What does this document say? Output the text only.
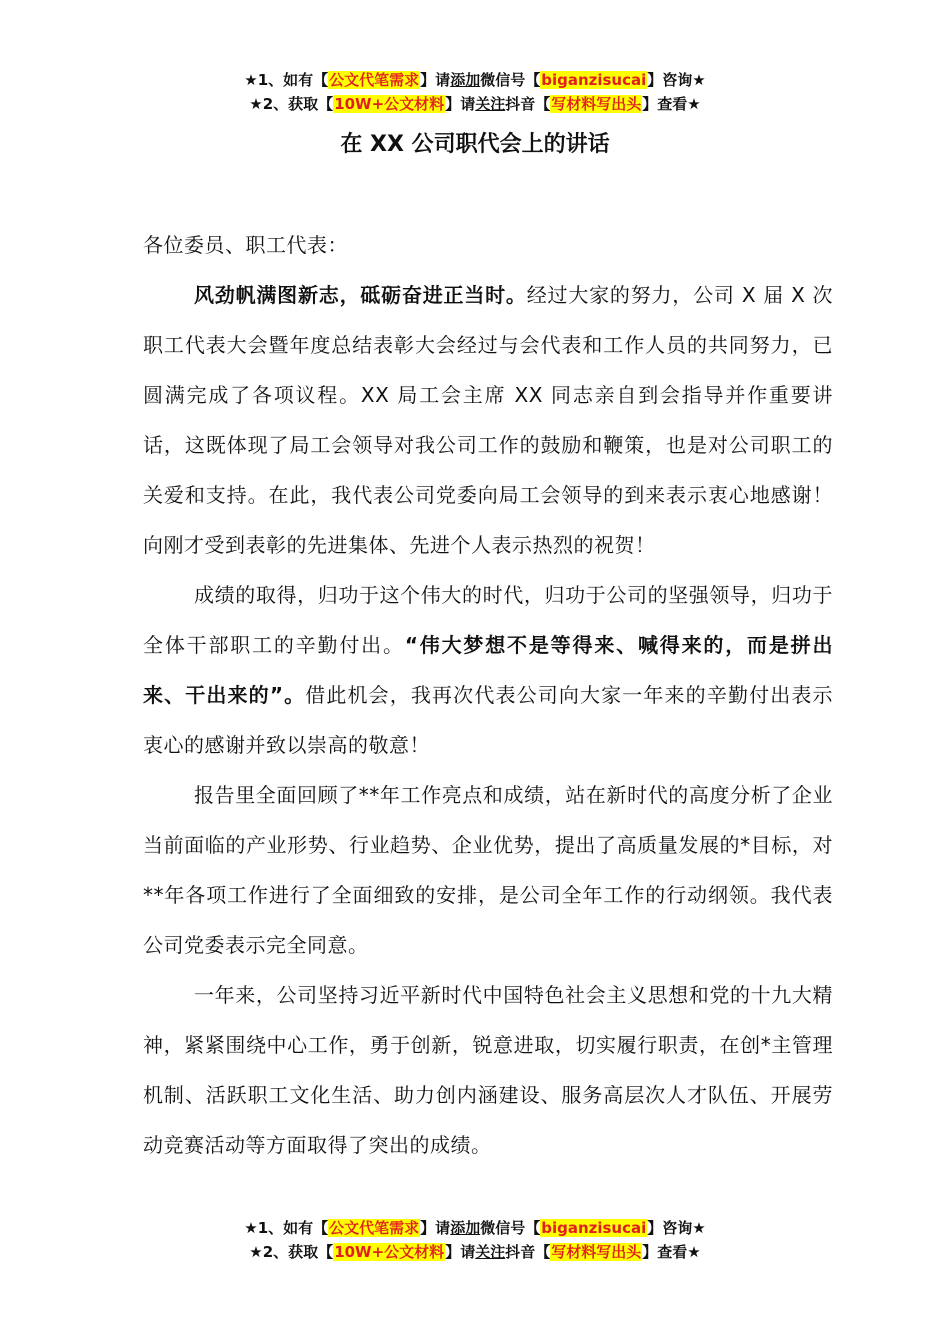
★1、如有【公文代笔需求】请添加微信号【biganzisucai】咨询★
★2、获取【10W+公文材料】请关注抖音【写材料写出头】查看★
在 XX 公司职代会上的讲话

各位委员、职工代表：

风劲帆满图新志，砥砺奋进正当时。经过大家的努力，公司 X 届 X 次职工代表大会暨年度总结表彰大会经过与会代表和工作人员的共同努力，已圆满完成了各项议程。XX 局工会主席 XX 同志亲自到会指导并作重要讲话，这既体现了局工会领导对我公司工作的鼓励和鞭策，也是对公司职工的关爱和支持。在此，我代表公司党委向局工会领导的到来表示衷心地感谢！向刚才受到表彰的先进集体、先进个人表示热烈的祝贺！

成绩的取得，归功于这个伟大的时代，归功于公司的坚强领导，归功于全体干部职工的辛勤付出。“伟大梦想不是等得来、喊得来的，而是拼出来、干出来的”。借此机会，我再次代表公司向大家一年来的辛勤付出表示衷心的感谢并致以崇高的敬意！

报告里全面回顾了**年工作亮点和成绩，站在新时代的高度分析了企业当前面临的产业形势、行业趋势、企业优势，提出了高质量发展的*目标，对**年各项工作进行了全面细致的安排，是公司全年工作的行动纲领。我代表公司党委表示完全同意。

一年来，公司坚持习近平新时代中国特色社会主义思想和党的十九大精神，紧紧围绕中心工作，勇于创新，锐意进取，切实履行职责，在创*主管理机制、活跃职工文化生活、助力创内涵建设、服务高层次人才队伍、开展劳动竞赛活动等方面取得了突出的成绩。

★1、如有【公文代笔需求】请添加微信号【biganzisucai】咨询★
★2、获取【10W+公文材料】请关注抖音【写材料写出头】查看★
